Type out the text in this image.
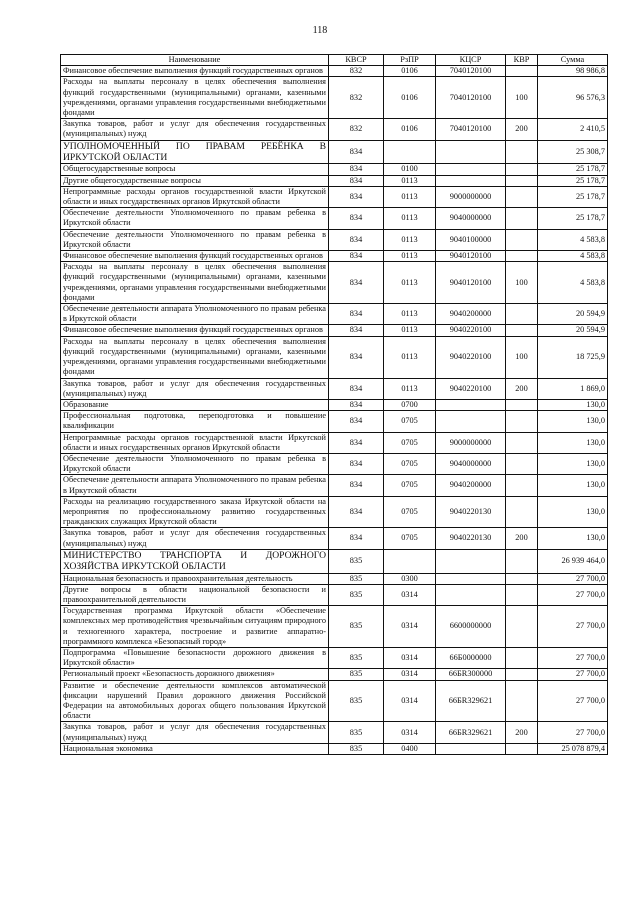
118
Наименование	КВСР	РзПР	КЦСР	КВР	Сумма
Финансовое обеспечение выполнения функций государственных органов	832	0106	7040120100		98 986,8
Расходы на выплаты персоналу в целях обеспечения выполнения функций государственными (муниципальными) органами, казенными учреждениями, органами управления государственными внебюджетными фондами	832	0106	7040120100	100	96 576,3
Закупка товаров, работ и услуг для обеспечения государственных (муниципальных) нужд	832	0106	7040120100	200	2 410,5
УПОЛНОМОЧЕННЫЙ ПО ПРАВАМ РЕБЁНКА В ИРКУТСКОЙ ОБЛАСТИ	834				25 308,7
Общегосударственные вопросы	834	0100			25 178,7
Другие общегосударственные вопросы	834	0113			25 178,7
Непрограммные расходы органов государственной власти Иркутской области и иных государственных органов Иркутской области	834	0113	9000000000		25 178,7
Обеспечение деятельности Уполномоченного по правам ребенка в Иркутской области	834	0113	9040000000		25 178,7
Обеспечение деятельности Уполномоченного по правам ребенка в Иркутской области	834	0113	9040100000		4 583,8
Финансовое обеспечение выполнения функций государственных органов	834	0113	9040120100		4 583,8
Расходы на выплаты персоналу в целях обеспечения выполнения функций государственными (муниципальными) органами, казенными учреждениями, органами управления государственными внебюджетными фондами	834	0113	9040120100	100	4 583,8
Обеспечение деятельности аппарата Уполномоченного по правам ребенка в Иркутской области	834	0113	9040200000		20 594,9
Финансовое обеспечение выполнения функций государственных органов	834	0113	9040220100		20 594,9
Расходы на выплаты персоналу в целях обеспечения выполнения функций государственными (муниципальными) органами, казенными учреждениями, органами управления государственными внебюджетными фондами	834	0113	9040220100	100	18 725,9
Закупка товаров, работ и услуг для обеспечения государственных (муниципальных) нужд	834	0113	9040220100	200	1 869,0
Образование	834	0700			130,0
Профессиональная подготовка, переподготовка и повышение квалификации	834	0705			130,0
Непрограммные расходы органов государственной власти Иркутской области и иных государственных органов Иркутской области	834	0705	9000000000		130,0
Обеспечение деятельности Уполномоченного по правам ребенка в Иркутской области	834	0705	9040000000		130,0
Обеспечение деятельности аппарата Уполномоченного по правам ребенка в Иркутской области	834	0705	9040200000		130,0
Расходы на реализацию государственного заказа Иркутской области на мероприятия по профессиональному развитию государственных гражданских служащих Иркутской области	834	0705	9040220130		130,0
Закупка товаров, работ и услуг для обеспечения государственных (муниципальных) нужд	834	0705	9040220130	200	130,0
МИНИСТЕРСТВО ТРАНСПОРТА И ДОРОЖНОГО ХОЗЯЙСТВА ИРКУТСКОЙ ОБЛАСТИ	835				26 939 464,0
Национальная безопасность и правоохранительная деятельность	835	0300			27 700,0
Другие вопросы в области национальной безопасности и правоохранительной деятельности	835	0314			27 700,0
Государственная программа Иркутской области «Обеспечение комплексных мер противодействия чрезвычайным ситуациям природного и техногенного характера, построение и развитие аппаратно-программного комплекса «Безопасный город»	835	0314	6600000000		27 700,0
Подпрограмма «Повышение безопасности дорожного движения в Иркутской области»	835	0314	66Б0000000		27 700,0
Региональный проект «Безопасность дорожного движения»	835	0314	66БR300000		27 700,0
Развитие и обеспечение деятельности комплексов автоматической фиксации нарушений Правил дорожного движения Российской Федерации на автомобильных дорогах общего пользования Иркутской области	835	0314	66БR329621		27 700,0
Закупка товаров, работ и услуг для обеспечения государственных (муниципальных) нужд	835	0314	66БR329621	200	27 700,0
Национальная экономика	835	0400			25 078 879,4
